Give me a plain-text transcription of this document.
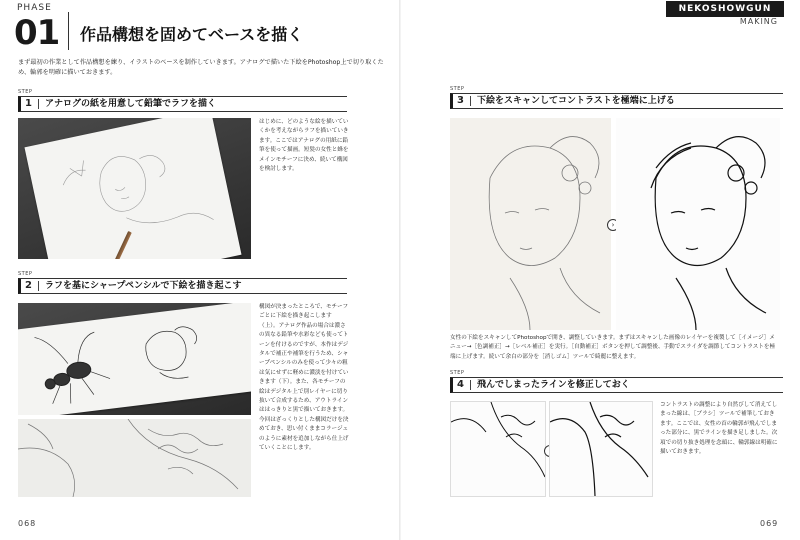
PHASE
01 作品構想を固めてベースを描く
まず最初の作業として作品構想を練り、イラストのベースを制作していきます。アナログで描いた下絵をPhotoshop上で切り取くため、輪郭を明確に描いておきます。
STEP
1 アナログの紙を用意して鉛筆でラフを描く
はじめに、どのような絵を描いていくかを考えながらラフを描いていきます。ここではアナログの用紙に鉛筆を使って描画。短髪の女性と蜂をメインモチーフに決め、続いて構図を検討します。
STEP
2 ラフを基にシャープペンシルで下絵を描き起こす
構図が決まったところで、モチーフごとに下絵を描き起こします（上）。アナログ作品の場合は濃さの異なる鉛筆や水彩なども使ってトーンを付けるのですが、本作はデジタルで補正や補筆を行うため、シャープペンシルのみを使って少々の粗は気にせずに軽めに濃淡を付けていきます（下）。また、各モチーフの絵はデジタル上で別レイヤーに切り抜いて合成するため、アウトラインははっきりと黒で描いておきます。今回はざっくりとした構図だけを決めておき、思い付くままコラージュのように素材を追加しながら仕上げていくことにします。
068
NEKOSHOWGUN
MAKING
STEP
3 下絵をスキャンしてコントラストを極端に上げる
›
女性の下絵をスキャンしてPhotoshopで開き、調整していきます。まずはスキャンした画像のレイヤーを複製して［イメージ］メニュー→［色調補正］→［レベル補正］を実行。［自動補正］ボタンを押して調整後、手動でスライダを調節してコントラストを極端に上げます。続いて余白の部分を［消しゴム］ツールで綺麗に整えます。
STEP
4 飛んでしまったラインを修正しておく
コントラストの調整により自然びして消えてしまった線は、［ブラシ］ツールで補筆しておきます。ここでは、女性の首の輪郭が飛んでしまった部分に、黒でラインを描き足しました。次項での切り抜き処理を念頭に、輪郭線は明確に描いておきます。
069
